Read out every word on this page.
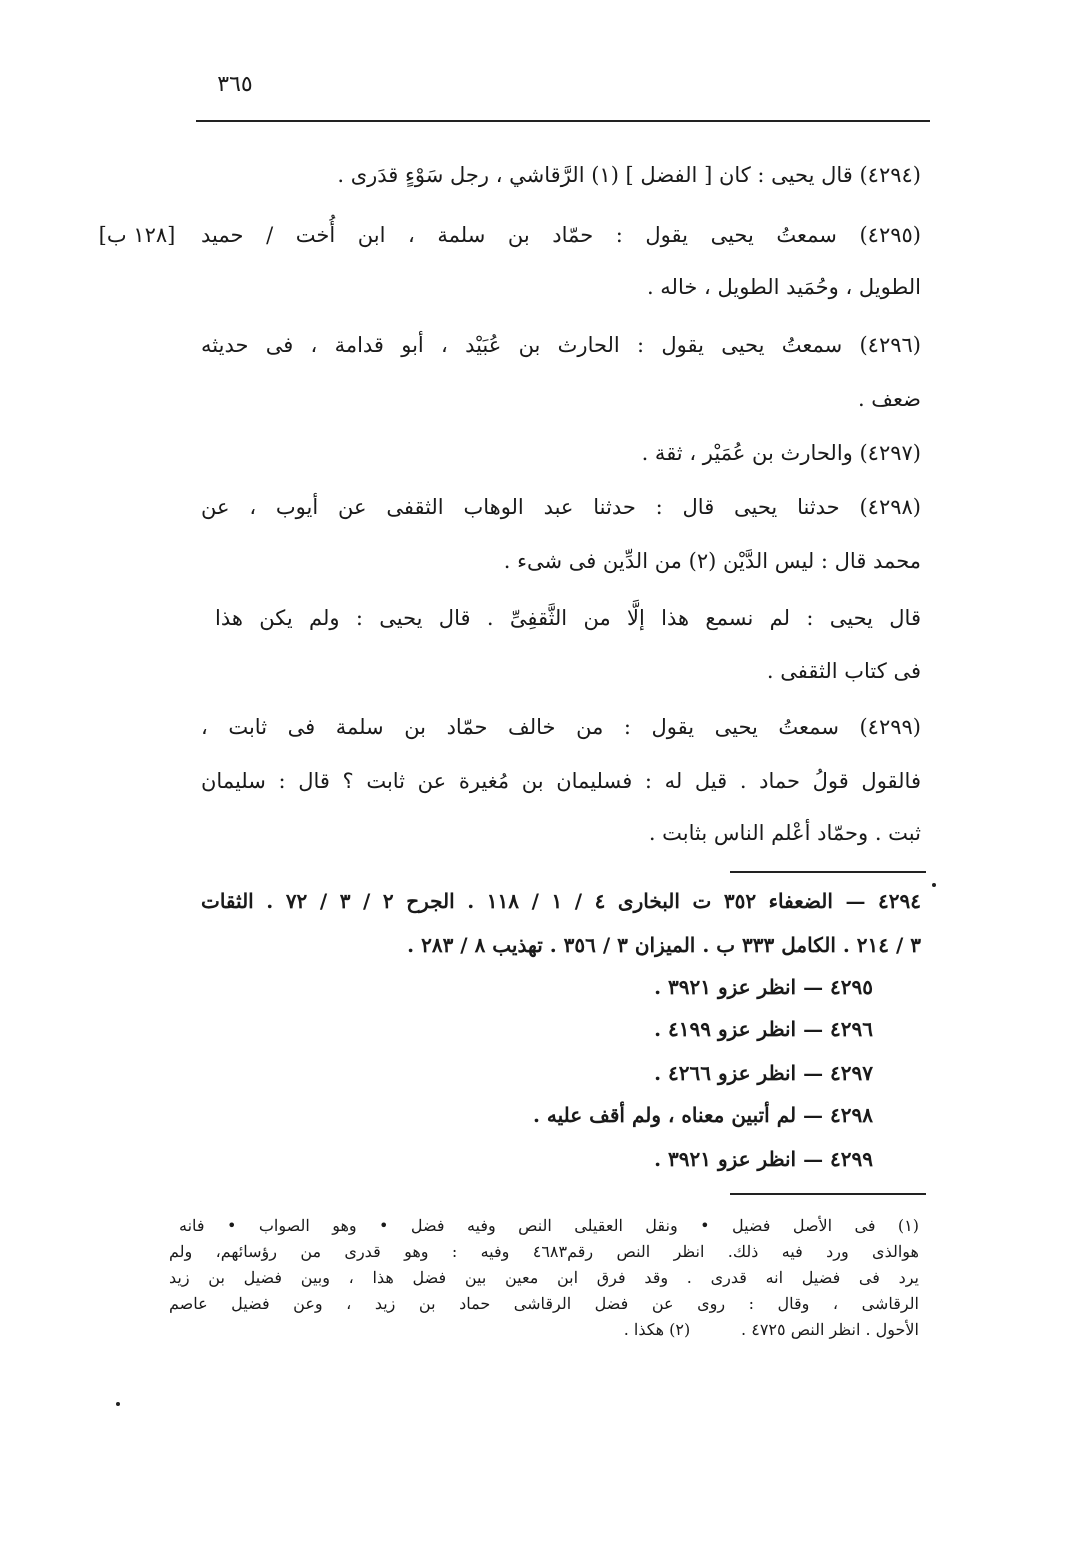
٣٦٥
[١٢٨ ب]
(٤٢٩٤) قال يحيى : كان [ الفضل ] (١) الرَّقاشي ، رجل سَوْءٍ قدَرى .
(٤٢٩٥) سمعتُ يحيى يقول : حمّاد بن سلمة ، ابن أُخت / حميد
الطويل ، وحُمَيد الطويل ، خاله .
(٤٢٩٦) سمعتُ يحيى يقول : الحارث بن عُبَيْد ، أبو قدامة ، فى حديثه
ضعف .
(٤٢٩٧) والحارث بن عُمَيْر ، ثقة .
(٤٢٩٨) حدثنا يحيى قال : حدثنا عبد الوهاب الثقفى عن أيوب ، عن
محمد قال : ليس الدَّيْن (٢) من الدِّين فى شىء .
قال يحيى : لم نسمع هذا إلَّا من الثَّقفِىِّ . قال يحيى : ولم يكن هذا
فى كتاب الثقفى .
(٤٢٩٩) سمعتُ يحيى يقول : من خالف حمّاد بن سلمة فى ثابت ،
فالقول قولُ حماد . قيل له : فسليمان بن مُغيرة عن ثابت ؟ قال : سليمان
ثبت . وحمّاد أعْلم الناس بثابت .
٤٢٩٤ — الضعفاء ٣٥٢ ت البخارى ٤ / ١ / ١١٨ . الجرح ٢ / ٣ / ٧٢ . الثقات
٣ / ٢١٤ . الكامل ٣٣٣ ب . الميزان ٣ / ٣٥٦ . تهذيب ٨ / ٢٨٣ .
٤٢٩٥ — انظر عزو ٣٩٢١ .
٤٢٩٦ — انظر عزو ٤١٩٩ .
٤٢٩٧ — انظر عزو ٤٢٦٦ .
٤٢٩٨ — لم أتبين معناه ، ولم أقف عليه .
٤٢٩٩ — انظر عزو ٣٩٢١ .
(١) فى الأصل فضيل • ونقل العقيلى النص وفيه فضل • وهو الصواب • فانه
هوالذى ورد فيه ذلك. انظر النص رقم٤٦٨٣ وفيه : وهو قدرى من رؤسائهم، ولم
يرد فى فضيل انه قدرى . وقد فرق ابن معين بين فضل هذا ، وبين فضيل بن زيد
الرقاشى ، وقال : روى عن فضل الرقاشى حماد بن زيد ، وعن فضيل عاصم
الأحول . انظر النص ٤٧٢٥ .          (٢) هكذا .
